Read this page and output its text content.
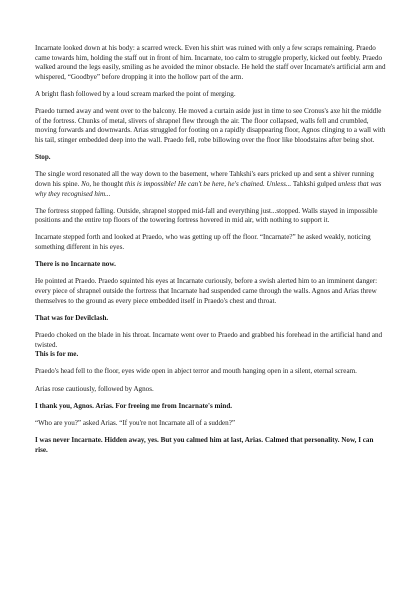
Incarnate looked down at his body: a scarred wreck. Even his shirt was ruined with only a few scraps remaining. Praedo came towards him, holding the staff out in front of him. Incarnate, too calm to struggle properly, kicked out feebly. Praedo walked around the legs easily, smiling as he avoided the minor obstacle. He held the staff over Incarnate's artificial arm and whispered, “Goodbye” before dropping it into the hollow part of the arm.

A bright flash followed by a loud scream marked the point of merging.

Praedo turned away and went over to the balcony. He moved a curtain aside just in time to see Cronus's axe hit the middle of the fortress. Chunks of metal, slivers of shrapnel flew through the air. The floor collapsed, walls fell and crumbled, moving forwards and downwards. Arias struggled for footing on a rapidly disappearing floor, Agnos clinging to a wall with his tail, stinger embedded deep into the wall. Praedo fell, robe billowing over the floor like bloodstains after being shot.

Stop.

The single word resonated all the way down to the basement, where Tahkshi's ears pricked up and sent a shiver running down his spine. No, he thought this is impossible! He can't be here, he's chained. Unless... Tahkshi gulped unless that was why they recognised him...

The fortress stopped falling. Outside, shrapnel stopped mid-fall and everything just...stopped. Walls stayed in impossible positions and the entire top floors of the towering fortress hovered in mid air, with nothing to support it.

Incarnate stepped forth and looked at Praedo, who was getting up off the floor. “Incarnate?” he asked weakly, noticing something different in his eyes.

There is no Incarnate now.

He pointed at Praedo. Praedo squinted his eyes at Incarnate curiously, before a swish alerted him to an imminent danger: every piece of shrapnel outside the fortress that Incarnate had suspended came through the walls. Agnos and Arias threw themselves to the ground as every piece embedded itself in Praedo's chest and throat.

That was for Devilclash.

Praedo choked on the blade in his throat. Incarnate went over to Praedo and grabbed his forehead in the artificial hand and twisted.

This is for me.

Praedo's head fell to the floor, eyes wide open in abject terror and mouth hanging open in a silent, eternal scream.

Arias rose cautiously, followed by Agnos.

I thank you, Agnos. Arias. For freeing me from Incarnate's mind.

“Who are you?” asked Arias. “If you're not Incarnate all of a sudden?”

I was never Incarnate. Hidden away, yes. But you calmed him at last, Arias. Calmed that personality. Now, I can rise.
